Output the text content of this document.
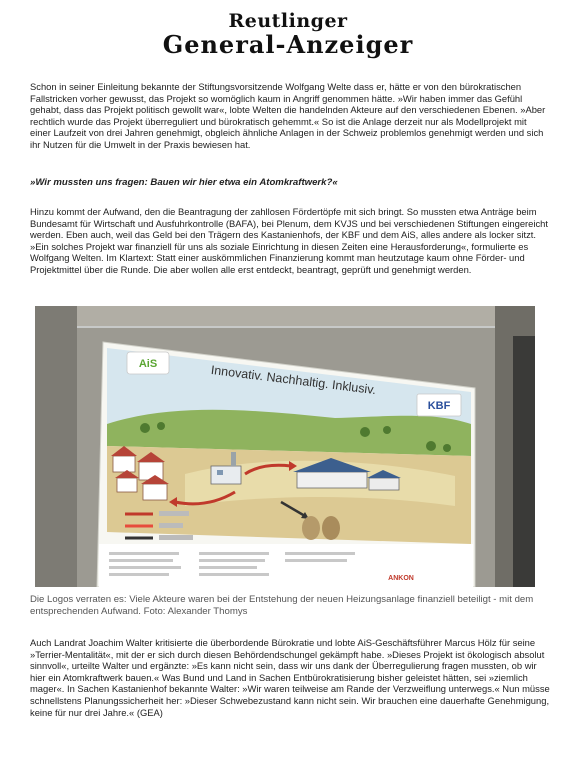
Reutlinger
General-Anzeiger

Schon in seiner Einleitung bekannte der Stiftungsvorsitzende Wolfgang Welte dass er, hätte er von den bürokratischen Fallstricken vorher gewusst, das Projekt so womöglich kaum in Angriff genommen hätte. »Wir haben immer das Gefühl gehabt, dass das Projekt politisch gewollt war«, lobte Welten die handelnden Akteure auf den verschiedenen Ebenen. »Aber rechtlich wurde das Projekt überreguliert und bürokratisch gehemmt.« So ist die Anlage derzeit nur als Modellprojekt mit einer Laufzeit von drei Jahren genehmigt, obgleich ähnliche Anlagen in der Schweiz problemlos genehmigt werden und sich ihr Nutzen für die Umwelt in der Praxis bewiesen hat.

»Wir mussten uns fragen: Bauen wir hier etwa ein Atomkraftwerk?«

Hinzu kommt der Aufwand, den die Beantragung der zahllosen Fördertöpfe mit sich bringt. So mussten etwa Anträge beim Bundesamt für Wirtschaft und Ausfuhrkontrolle (BAFA), bei Plenum, dem KVJS und bei verschiedenen Stiftungen eingereicht werden. Eben auch, weil das Geld bei den Trägern des Kastanienhofs, der KBF und dem AiS, alles andere als locker sitzt. »Ein solches Projekt war finanziell für uns als soziale Einrichtung in diesen Zeiten eine Herausforderung«, formulierte es Wolfgang Welten. Im Klartext: Statt einer auskömmlichen Finanzierung kommt man heutzutage kaum ohne Förder- und Projektmittel über die Runde. Die aber wollen alle erst entdeckt, beantragt, geprüft und genehmigt werden.

AiS
KBF
Innovativ. Nachhaltig. Inklusiv.
ANKON

Die Logos verraten es: Viele Akteure waren bei der Entstehung der neuen Heizungsanlage finanziell beteiligt - mit dem entsprechenden Aufwand. Foto: Alexander Thomys

Auch Landrat Joachim Walter kritisierte die überbordende Bürokratie und lobte AiS-Geschäftsführer Marcus Hölz für seine »Terrier-Mentalität«, mit der er sich durch diesen Behördendschungel gekämpft habe. »Dieses Projekt ist ökologisch absolut sinnvoll«, urteilte Walter und ergänzte: »Es kann nicht sein, dass wir uns dank der Überregulierung fragen mussten, ob wir hier ein Atomkraftwerk bauen.« Was Bund und Land in Sachen Entbürokratisierung bisher geleistet hätten, sei »ziemlich mager«. In Sachen Kastanienhof bekannte Walter: »Wir waren teilweise am Rande der Verzweiflung unterwegs.« Nun müsse schnellstens Planungssicherheit her: »Dieser Schwebezustand kann nicht sein. Wir brauchen eine dauerhafte Genehmigung, keine für nur drei Jahre.« (GEA)
